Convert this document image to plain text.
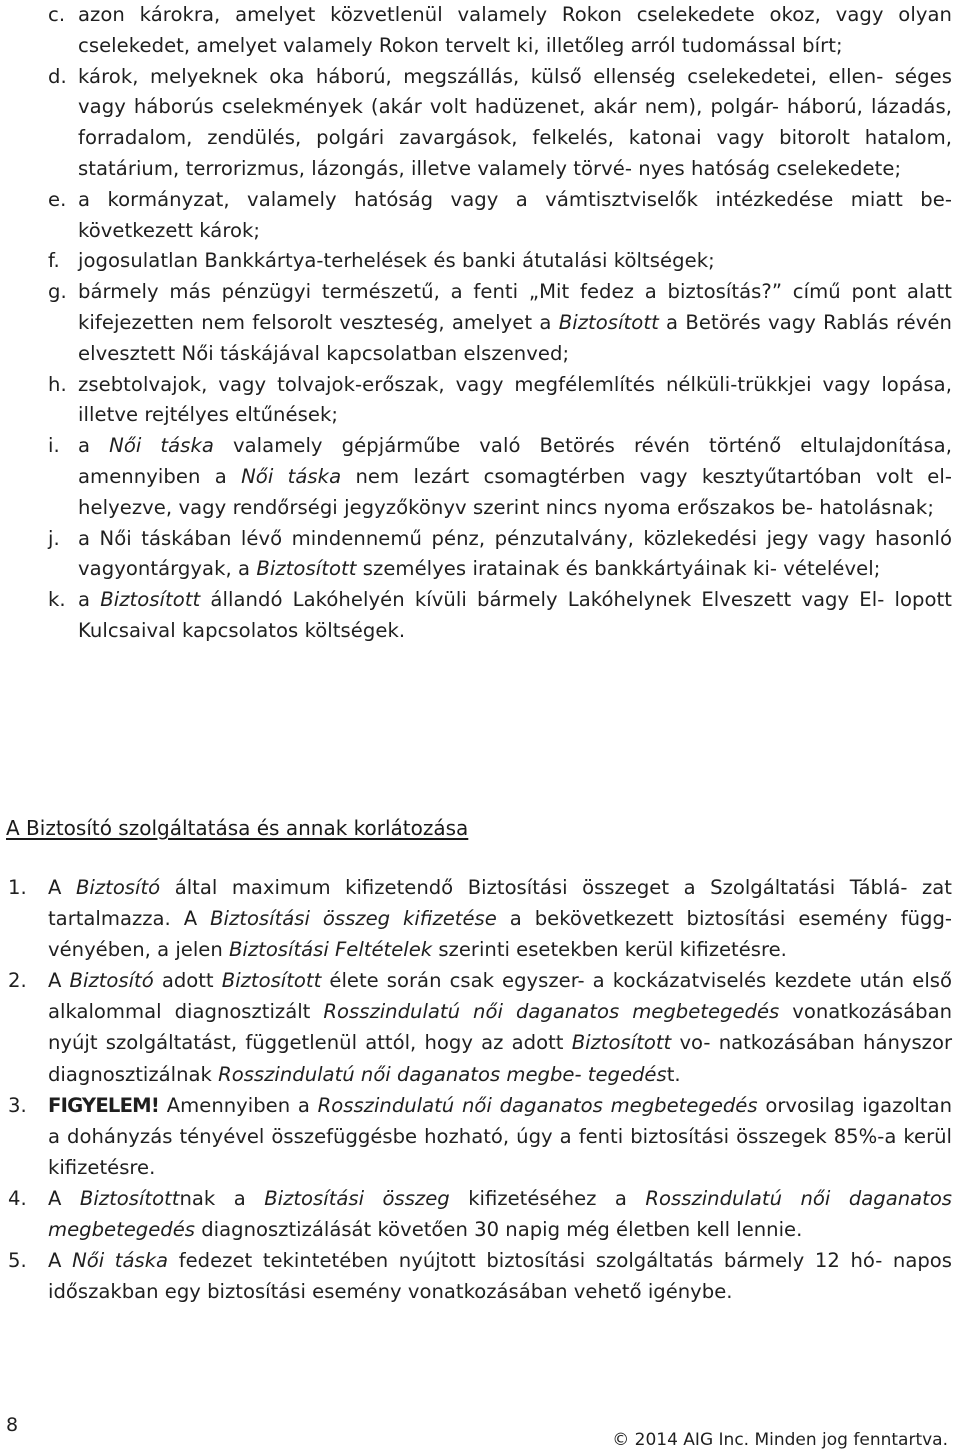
c. azon károkra, amelyet közvetlenül valamely Rokon cselekedete okoz, vagy olyan cselekedet, amelyet valamely Rokon tervelt ki, illetőleg arról tudomással bírt;
d. károk, melyeknek oka háború, megszállás, külső ellenség cselekedetei, ellen- séges vagy háborús cselekmények (akár volt hadüzenet, akár nem), polgár- háború, lázadás, forradalom, zendülés, polgári zavargások, felkelés, katonai vagy bitorolt hatalom, statárium, terrorizmus, lázongás, illetve valamely törvé- nyes hatóság cselekedete;
e. a kormányzat, valamely hatóság vagy a vámtisztviselők intézkedése miatt be- következett károk;
f. jogosulatlan Bankkártya-terhelések és banki átutalási költségek;
g. bármely más pénzügyi természetű, a fenti „Mit fedez a biztosítás?” című pont alatt kifejezetten nem felsorolt veszteség, amelyet a Biztosított a Betörés vagy Rablás révén elvesztett Női táskájával kapcsolatban elszenved;
h. zsebtolvajok, vagy tolvajok-erőszak, vagy megfélemlítés nélküli-trükkjei vagy lopása, illetve rejtélyes eltűnések;
i. a Női táska valamely gépjárműbe való Betörés révén történő eltulajdonítása, amennyiben a Női táska nem lezárt csomagtérben vagy kesztyűtartóban volt el- helyezve, vagy rendőrségi jegyzőkönyv szerint nincs nyoma erőszakos be- hatolásnak;
j. a Női táskában lévő mindennemű pénz, pénzutalvány, közlekedési jegy vagy hasonló vagyontárgyak, a Biztosított személyes iratainak és bankkártyáinak ki- vételével;
k. a Biztosított állandó Lakóhelyén kívüli bármely Lakóhelynek Elveszett vagy El- lopott Kulcsaival kapcsolatos költségek.
A Biztosító szolgáltatása és annak korlátozása
1. A Biztosító által maximum kifizetendő Biztosítási összeget a Szolgáltatási Táblá- zat tartalmazza. A Biztosítási összeg kifizetése a bekövetkezett biztosítási esemény függ- vényében, a jelen Biztosítási Feltételek szerinti esetekben kerül kifizetésre.
2. A Biztosító adott Biztosított élete során csak egyszer- a kockázatviselés kezdete után első alkalommal diagnosztizált Rosszindulatú női daganatos megbetegedés vonatkozásában nyújt szolgáltatást, függetlenül attól, hogy az adott Biztosított vo- natkozásában hányszor diagnosztizálnak Rosszindulatú női daganatos megbe- tegedést.
3. FIGYELEM! Amennyiben a Rosszindulatú női daganatos megbetegedés orvosilag igazoltan a dohányzás tényével összefüggésbe hozható, úgy a fenti biztosítási összegek 85%-a kerül kifizetésre.
4. A Biztosítottnak a Biztosítási összeg kifizetéséhez a Rosszindulatú női daganatos megbetegedés diagnosztizálását követően 30 napig még életben kell lennie.
5. A Női táska fedezet tekintetében nyújtott biztosítási szolgáltatás bármely 12 hó- napos időszakban egy biztosítási esemény vonatkozásában vehető igénybe.
8
© 2014 AIG Inc. Minden jog fenntartva.
